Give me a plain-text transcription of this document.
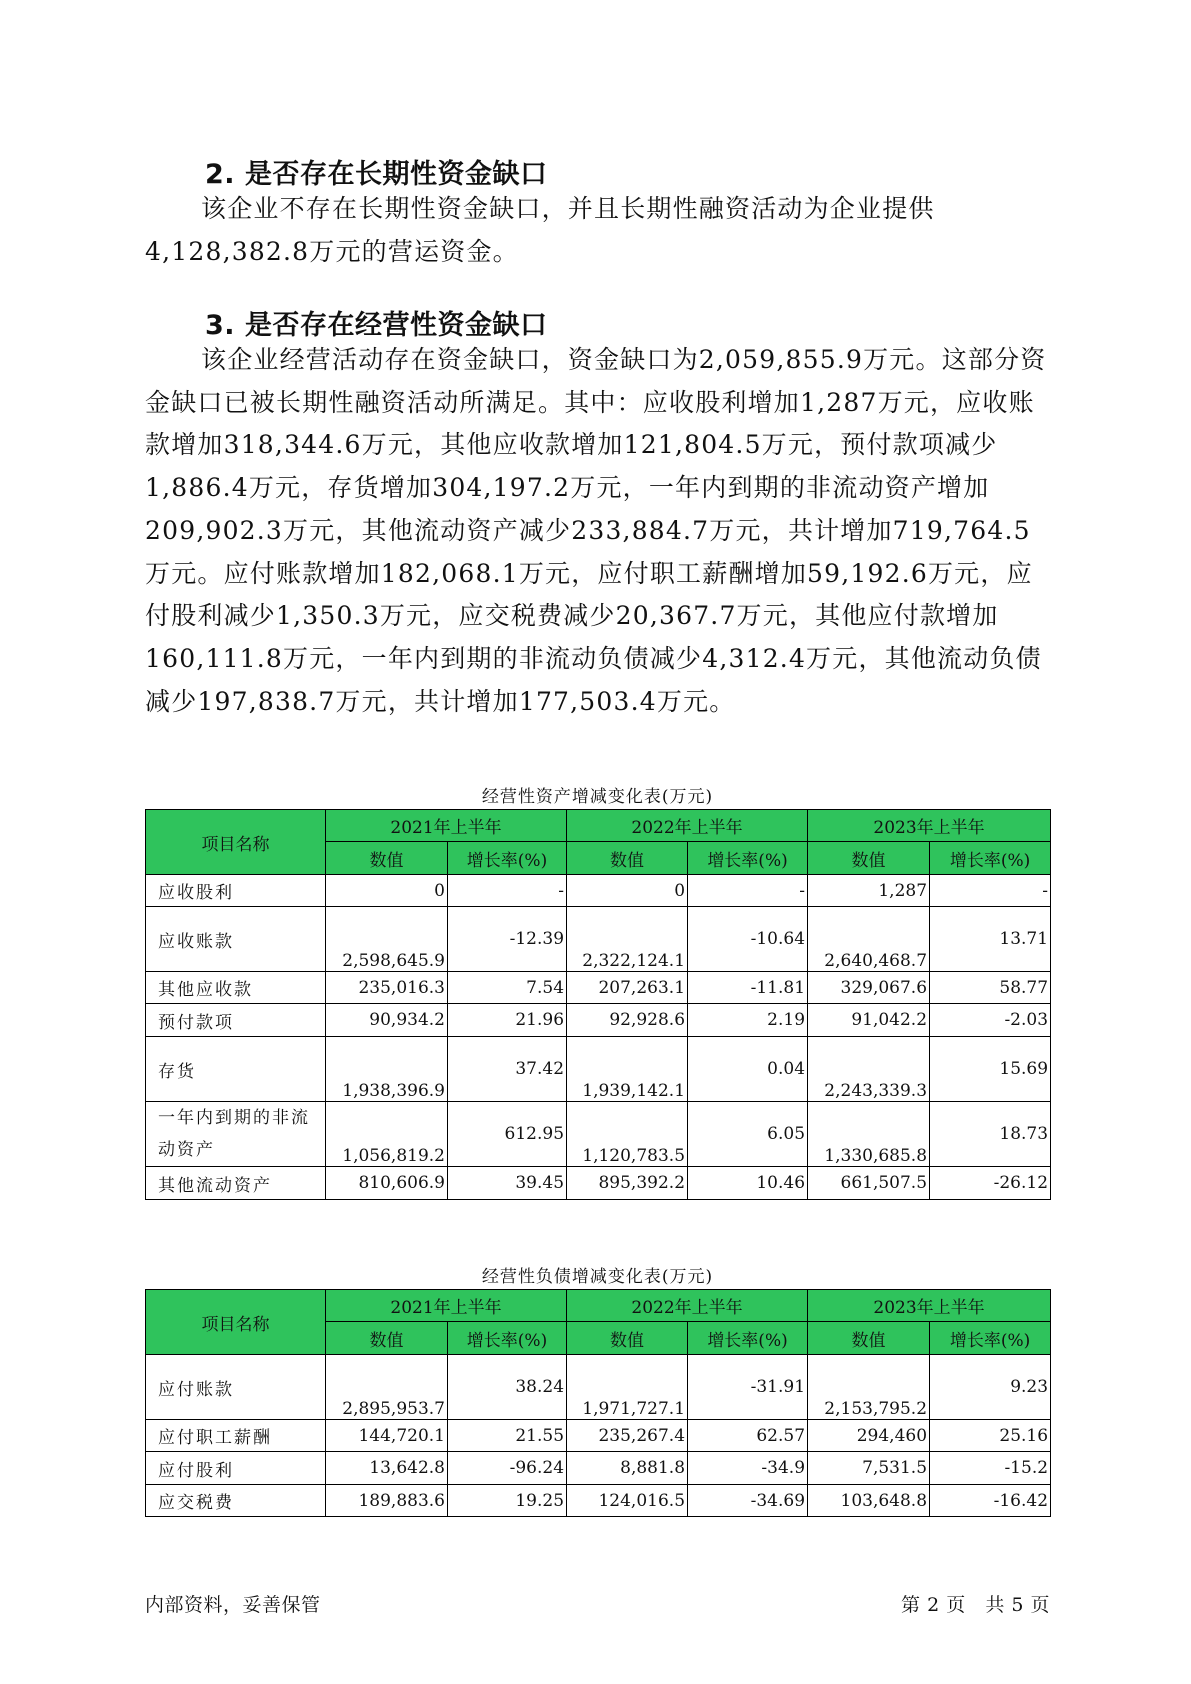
2. 是否存在长期性资金缺口

该企业不存在长期性资金缺口，并且长期性融资活动为企业提供4,128,382.8万元的营运资金。

3. 是否存在经营性资金缺口

该企业经营活动存在资金缺口，资金缺口为2,059,855.9万元。这部分资金缺口已被长期性融资活动所满足。其中：应收股利增加1,287万元，应收账款增加318,344.6万元，其他应收款增加121,804.5万元，预付款项减少1,886.4万元，存货增加304,197.2万元，一年内到期的非流动资产增加209,902.3万元，其他流动资产减少233,884.7万元，共计增加719,764.5万元。应付账款增加182,068.1万元，应付职工薪酬增加59,192.6万元，应付股利减少1,350.3万元，应交税费减少20,367.7万元，其他应付款增加160,111.8万元，一年内到期的非流动负债减少4,312.4万元，其他流动负债减少197,838.7万元，共计增加177,503.4万元。

经营性资产增减变化表(万元)

项目名称	2021年上半年		2022年上半年		2023年上半年	
	数值	增长率(%)	数值	增长率(%)	数值	增长率(%)
应收股利	0	-	0	-	1,287	-
应收账款	2,598,645.9	-12.39	2,322,124.1	-10.64	2,640,468.7	13.71
其他应收款	235,016.3	7.54	207,263.1	-11.81	329,067.6	58.77
预付款项	90,934.2	21.96	92,928.6	2.19	91,042.2	-2.03
存货	1,938,396.9	37.42	1,939,142.1	0.04	2,243,339.3	15.69
一年内到期的非流动资产	1,056,819.2	612.95	1,120,783.5	6.05	1,330,685.8	18.73
其他流动资产	810,606.9	39.45	895,392.2	10.46	661,507.5	-26.12

经营性负债增减变化表(万元)

项目名称	2021年上半年		2022年上半年		2023年上半年	
	数值	增长率(%)	数值	增长率(%)	数值	增长率(%)
应付账款	2,895,953.7	38.24	1,971,727.1	-31.91	2,153,795.2	9.23
应付职工薪酬	144,720.1	21.55	235,267.4	62.57	294,460	25.16
应付股利	13,642.8	-96.24	8,881.8	-34.9	7,531.5	-15.2
应交税费	189,883.6	19.25	124,016.5	-34.69	103,648.8	-16.42

内部资料，妥善保管	第 2 页   共 5 页
